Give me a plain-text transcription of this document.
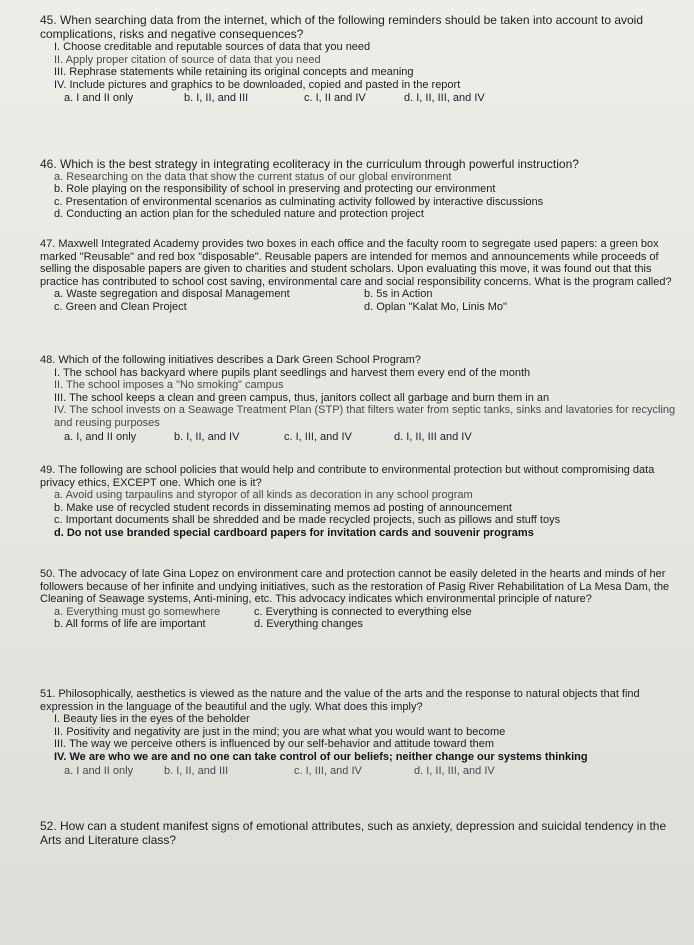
45. When searching data from the internet, which of the following reminders should be taken into account to avoid complications, risks and negative consequences?

I. Choose creditable and reputable sources of data that you need

II. Apply proper citation of source of data that you need

III. Rephrase statements while retaining its original concepts and meaning

IV. Include pictures and graphics to be downloaded, copied and pasted in the report

a. I and II only	b. I, II, and III	c. I, II and IV	d. I, II, III, and IV

46. Which is the best strategy in integrating ecoliteracy in the curriculum through powerful instruction?

a. Researching on the data that show the current status of our global environment

b. Role playing on the responsibility of school in preserving and protecting our environment

c. Presentation of environmental scenarios as culminating activity followed by interactive discussions

d. Conducting an action plan for the scheduled nature and protection project

47. Maxwell Integrated Academy provides two boxes in each office and the faculty room to segregate used papers: a green box marked "Reusable" and red box "disposable". Reusable papers are intended for memos and announcements while proceeds of selling the disposable papers are given to charities and student scholars. Upon evaluating this move, it was found out that this practice has contributed to school cost saving, environmental care and social responsibility concerns. What is the program called?

a. Waste segregation and disposal Management	b. 5s in Action
c. Green and Clean Project	d. Oplan "Kalat Mo, Linis Mo"

48. Which of the following initiatives describes a Dark Green School Program?

I. The school has backyard where pupils plant seedlings and harvest them every end of the month

II. The school imposes a "No smoking" campus

III. The school keeps a clean and green campus, thus, janitors collect all garbage and burn them in an

IV. The school invests on a Seawage Treatment Plan (STP) that filters water from septic tanks, sinks and lavatories for recycling and reusing purposes

a. I, and II only	b. I, II, and IV	c. I, III, and IV	d. I, II, III and IV

49. The following are school policies that would help and contribute to environmental protection but without compromising data privacy ethics, EXCEPT one. Which one is it?

a. Avoid using tarpaulins and styropor of all kinds as decoration in any school program

b. Make use of recycled student records in disseminating memos ad posting of announcement

c. Important documents shall be shredded and be made recycled projects, such as pillows and stuff toys

d. Do not use branded special cardboard papers for invitation cards and souvenir programs

50. The advocacy of late Gina Lopez on environment care and protection cannot be easily deleted in the hearts and minds of her followers because of her infinite and undying initiatives, such as the restoration of Pasig River Rehabilitation of La Mesa Dam, the Cleaning of Seawage systems, Anti-mining, etc. This advocacy indicates which environmental principle of nature?

a. Everything must go somewhere	c. Everything is connected to everything else
b. All forms of life are important	d. Everything changes

51. Philosophically, aesthetics is viewed as the nature and the value of the arts and the response to natural objects that find expression in the language of the beautiful and the ugly. What does this imply?

I. Beauty lies in the eyes of the beholder

II. Positivity and negativity are just in the mind; you are what what you would want to become

III. The way we perceive others is influenced by our self-behavior and attitude toward them

IV. We are who we are and no one can take control of our beliefs; neither change our systems thinking

a. I and II only	b. I, II, and III	c. I, III, and IV	d. I, II, III, and IV

52. How can a student manifest signs of emotional attributes, such as anxiety, depression and suicidal tendency in the Arts and Literature class?
